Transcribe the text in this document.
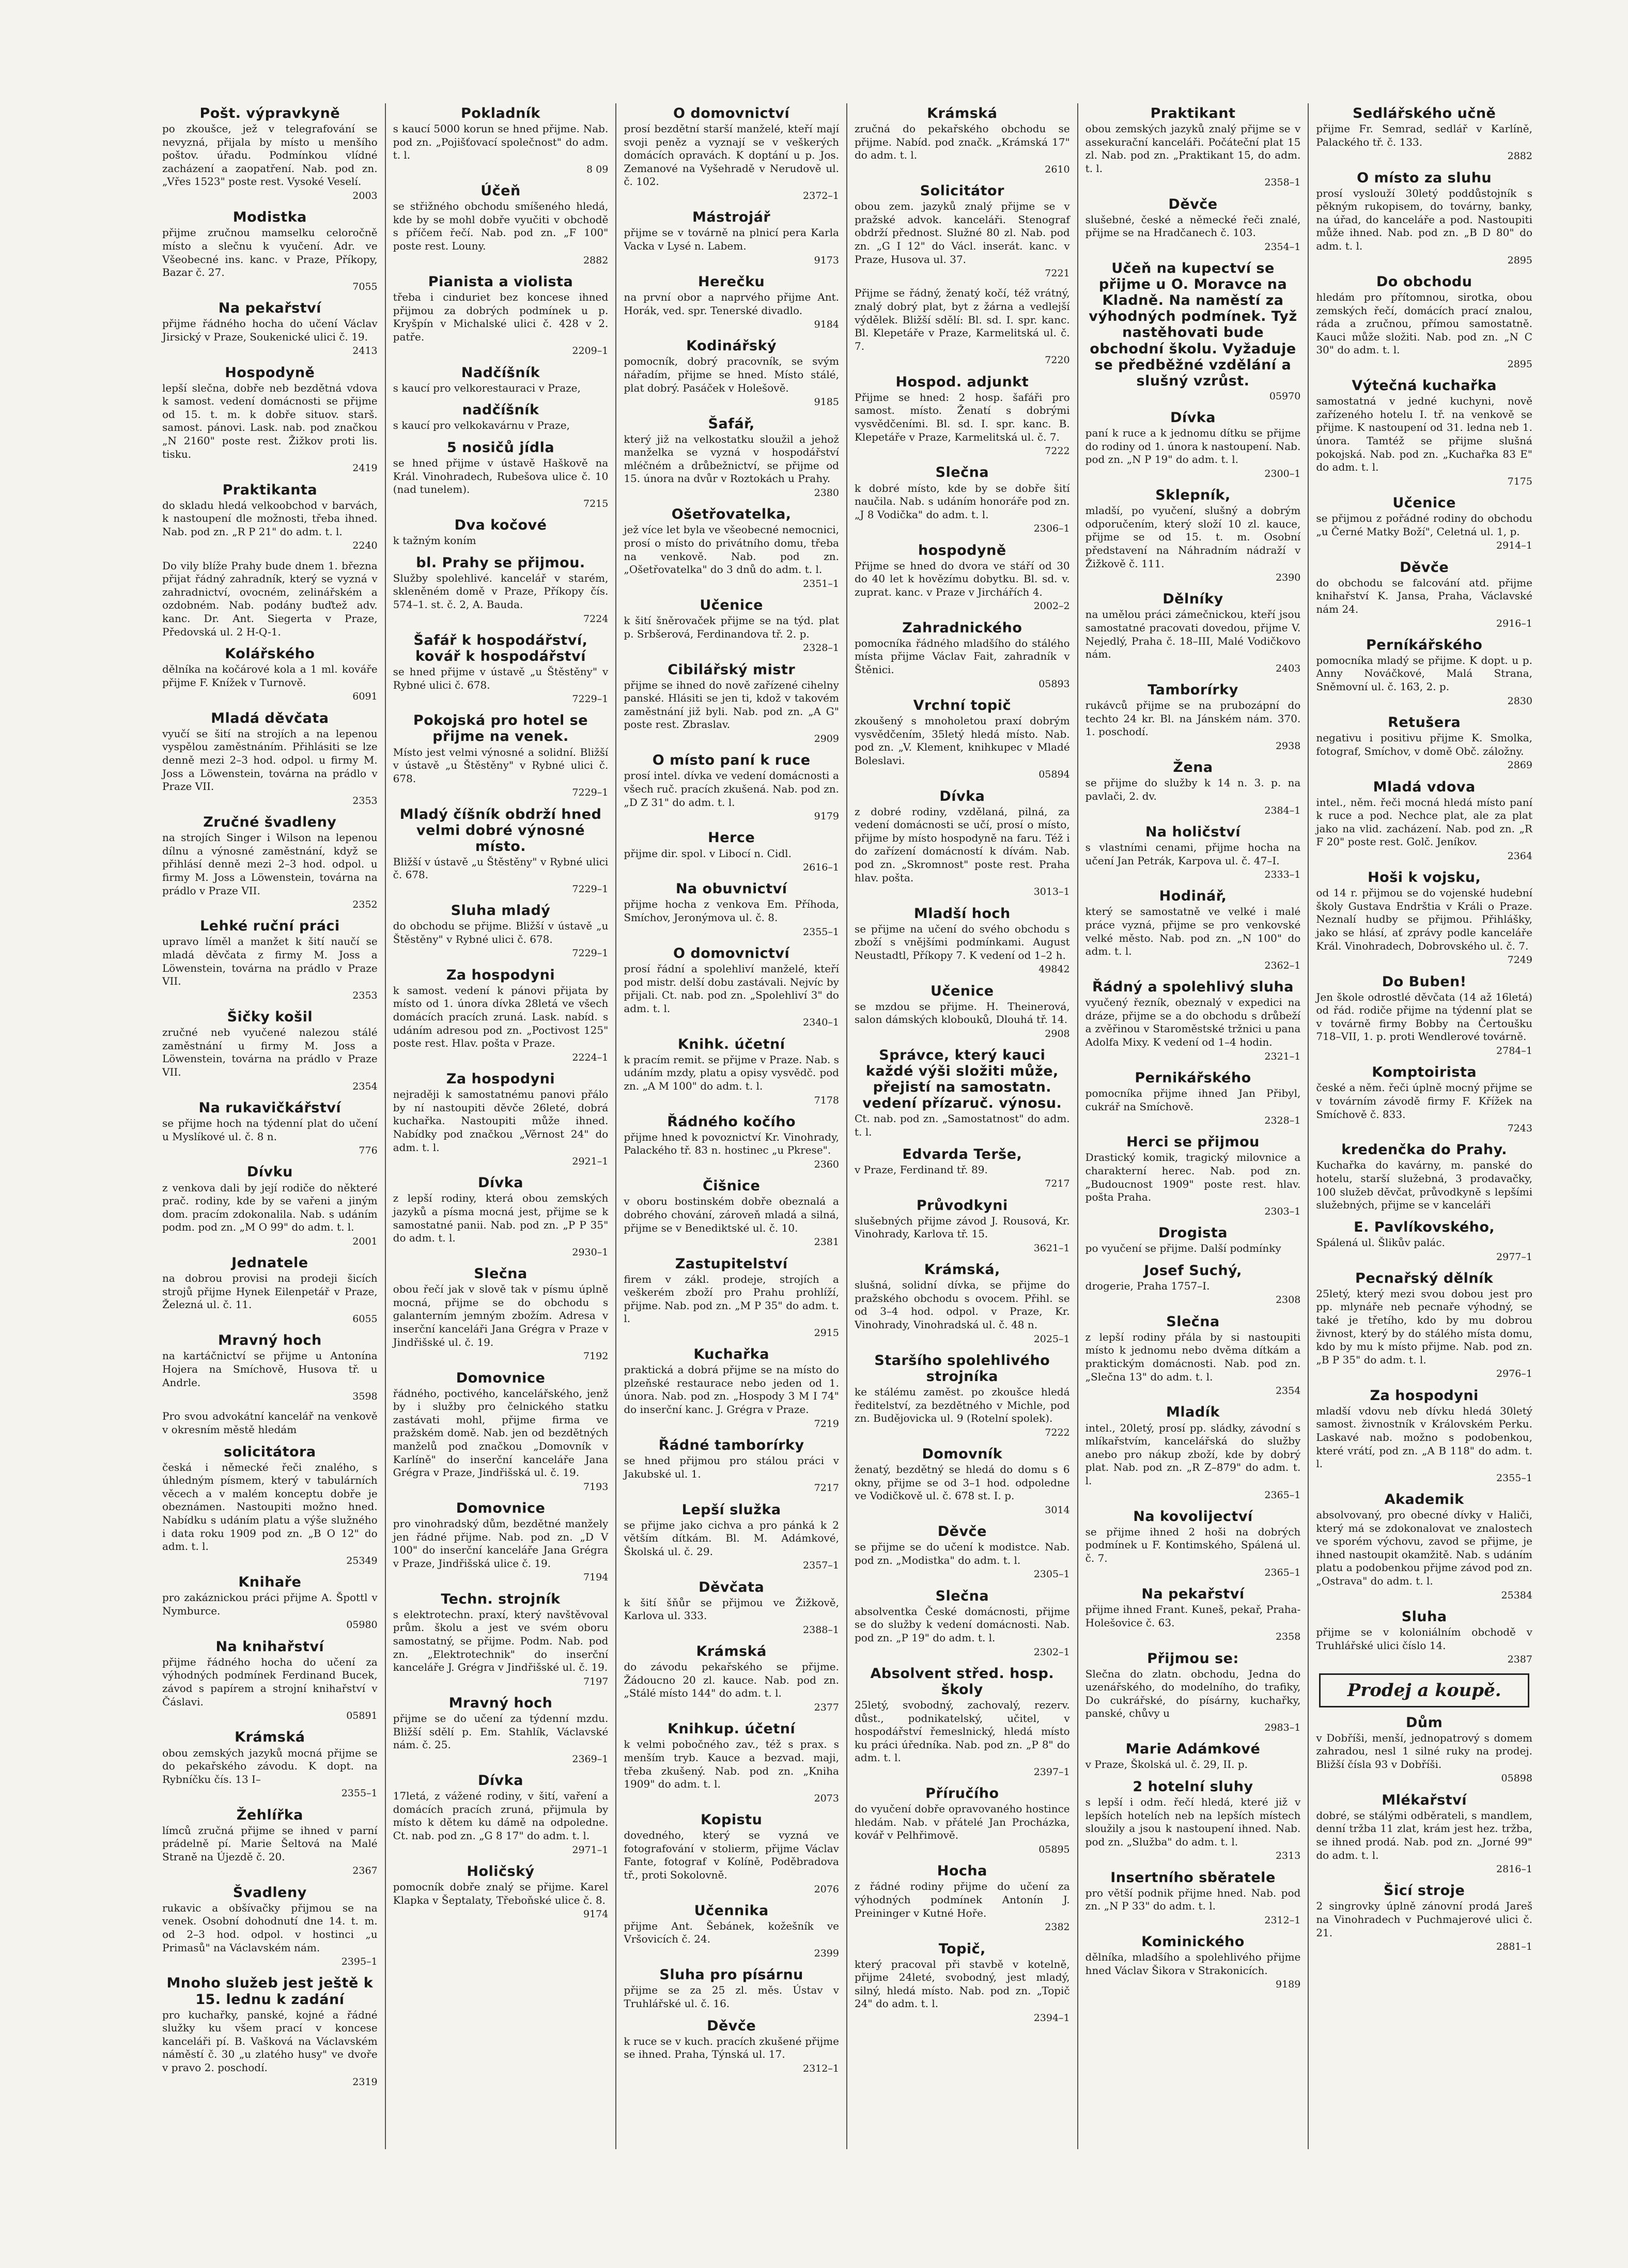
Pošt. výpravkyně

po zkoušce, jež v telegrafování se nevyzná, přijala by místo u menšího poštov. úřadu. Podmínkou vlídné zacházení a zaopatření. Nab. pod zn. „Vřes 1523" poste rest. Vysoké Veselí.

2003

Modistka

přijme zručnou mamselku celoročně místo a slečnu k vyučení. Adr. ve Všeobecné ins. kanc. v Praze, Příkopy, Bazar č. 27.

7055

Na pekařství

přijme řádného hocha do učení Václav Jirsický v Praze, Soukenické ulici č. 19.

2413

Hospodyně

lepší slečna, dobře neb bezdětná vdova k samost. vedení domácnosti se přijme od 15. t. m. k dobře situov. starš. samost. pánovi. Lask. nab. pod značkou „N 2160" poste rest. Žižkov proti lis. tisku.

2419

Praktikanta

do skladu hledá velkoobchod v barvách, k nastoupení dle možnosti, třeba ihned. Nab. pod zn. „R P 21" do adm. t. l.

2240

Do vily blíže Prahy bude dnem 1. března přijat řádný zahradník, který se vyzná v zahradnictví, ovocném, zelinářském a ozdobném. Nab. podány buďtež adv. kanc. Dr. Ant. Siegerta v Praze, Předovská ul. 2 H-Q-1.

Kolářského

dělníka na kočárové kola a 1 ml. kováře přijme F. Knížek v Turnově.

6091

Mladá děvčata

vyučí se šití na strojích a na lepenou vyspělou zaměstnáním. Přihlásiti se lze denně mezi 2–3 hod. odpol. u firmy M. Joss a Löwenstein, továrna na prádlo v Praze VII.

2353

Zručné švadleny

na strojích Singer i Wilson na lepenou dílnu a výnosné zaměstnání, když se přihlásí denně mezi 2–3 hod. odpol. u firmy M. Joss a Löwenstein, továrna na prádlo v Praze VII.

2352

Lehké ruční práci

upravo líměl a manžet k šití naučí se mladá děvčata z firmy M. Joss a Löwenstein, továrna na prádlo v Praze VII.

2353

Šičky košil

zručné neb vyučené nalezou stálé zaměstnání u firmy M. Joss a Löwenstein, továrna na prádlo v Praze VII.

2354

Na rukavičkářství

se přijme hoch na týdenní plat do učení u Myslíkové ul. č. 8 n.

776

Dívku

z venkova dali by její rodiče do některé prač. rodiny, kde by se vařeni a jiným dom. pracím zdokonalila. Nab. s udáním podm. pod zn. „M O 99" do adm. t. l.

2001

Jednatele

na dobrou provisi na prodeji šicích strojů přijme Hynek Eilenpetář v Praze, Železná ul. č. 11.

6055

Mravný hoch

na kartáčnictví se přijme u Antonína Hojera na Smíchově, Husova tř. u Andrle.

3598

Pro svou advokátní kancelář na venkově v okresním městě hledám

solicitátora

česká i německé řeči znalého, s úhledným písmem, který v tabulárních věcech a v malém konceptu dobře je obeznámen. Nastoupiti možno hned. Nabídku s udáním platu a výše služného i data roku 1909 pod zn. „B O 12" do adm. t. l.

25349

Knihaře

pro zakáznickou práci přijme A. Špottl v Nymburce.

05980

Na knihařství

přijme řádného hocha do učení za výhodných podmínek Ferdinand Bucek, závod s papírem a strojní knihařství v Čáslavi.

05891

Krámská

obou zemských jazyků mocná přijme se do pekařského závodu. K dopt. na Rybníčku čís. 13 I–

2355–1

Žehlířka

límců zručná přijme se ihned v parní prádelně pí. Marie Šeltová na Malé Straně na Újezdě č. 20.

2367

Švadleny

rukavic a obšívačky přijmou se na venek. Osobní dohodnutí dne 14. t. m. od 2–3 hod. odpol. v hostinci „u Primasů" na Václavském nám.

2395–1

Mnoho služeb jest ještě k 15. lednu k zadání

pro kuchařky, panské, kojné a řádné služky ku všem prací v koncese kanceláři pí. B. Vašková na Václavském náměstí č. 30 „u zlatého husy" ve dvoře v pravo 2. poschodí.

2319

Pokladník

s kaucí 5000 korun se hned přijme. Nab. pod zn. „Pojišťovací společnost" do adm. t. l.

8 09

Účeň

se střižného obchodu smíšeného hledá, kde by se mohl dobře vyučiti v obchodě s příčem řečí. Nab. pod zn. „F 100" poste rest. Louny.

2882

Pianista a violista

třeba i cinduriet bez koncese ihned přijmou za dobrých podmínek u p. Kryšpín v Michalské ulici č. 428 v 2. patře.

2209–1

Nadčíšník

s kaucí pro velkorestauraci v Praze,

nadčíšník

s kaucí pro velkokavárnu v Praze,

5 nosičů jídla

se hned přijme v ústavě Haškově na Král. Vinohradech, Rubešova ulice č. 10 (nad tunelem).

7215

Dva kočové

k tažným koním

bl. Prahy se přijmou.

Služby spolehlivé. kancelář v starém, skleněném domě v Praze, Příkopy čís. 574–1. st. č. 2, A. Bauda.

7224

Šafář k hospodářství, kovář k hospodářství

se hned přijme v ústavě „u Štěstěny" v Rybné ulici č. 678.

7229–1

Pokojská pro hotel se přijme na venek.

Místo jest velmi výnosné a solidní. Bližší v ústavě „u Štěstěny" v Rybné ulici č. 678.

7229–1

Mladý číšník obdrží hned velmi dobré výnosné místo.

Bližší v ústavě „u Štěstěny" v Rybné ulici č. 678.

7229–1

Sluha mladý

do obchodu se přijme. Bližší v ústavě „u Štěstěny" v Rybné ulici č. 678.

7229–1

Za hospodyni

k samost. vedení k pánovi přijata by místo od 1. února dívka 28letá ve všech domácích pracích zruná. Lask. nabíd. s udáním adresou pod zn. „Poctivost 125" poste rest. Hlav. pošta v Praze.

2224–1

Za hospodyni

nejraději k samostatnému panovi přálo by ní nastoupiti děvče 26leté, dobrá kuchařka. Nastoupiti může ihned. Nabídky pod značkou „Věrnost 24" do adm. t. l.

2921–1

Dívka

z lepší rodiny, která obou zemských jazyků a písma mocná jest, přijme se k samostatné panii. Nab. pod zn. „P P 35" do adm. t. l.

2930–1

Slečna

obou řečí jak v slově tak v písmu úplně mocná, přijme se do obchodu s galanterním jemným zbožím. Adresa v inserční kanceláři Jana Grégra v Praze v Jindřišské ul. č. 19.

7192

Domovnice

řádného, poctivého, kancelářského, jenž by i služby pro čelnického statku zastávati mohl, přijme firma ve pražském domě. Nab. jen od bezdětných manželů pod značkou „Domovník v Karlíně" do inserční kanceláře Jana Grégra v Praze, Jindřišská ul. č. 19.

7193

Domovnice

pro vinohradský dům, bezdětné manžely jen řádné přijme. Nab. pod zn. „D V 100" do inserční kanceláře Jana Grégra v Praze, Jindřišská ulice č. 19.

7194

Techn. strojník

s elektrotechn. praxí, který navštěvoval prům. školu a jest ve svém oboru samostatný, se přijme. Podm. Nab. pod zn. „Elektrotechnik" do inserční kanceláře J. Grégra v Jindřišské ul. č. 19.

7197

Mravný hoch

přijme se do učení za týdenní mzdu. Bližší sdělí p. Em. Stahlík, Václavské nám. č. 25.

2369–1

Dívka

17letá, z vážené rodiny, v šití, vaření a domácích pracích zruná, přijmula by místo k dětem ku dámě na odpoledne. Ct. nab. pod zn. „G 8 17" do adm. t. l.

2971–1

Holičský

pomocník dobře znalý se přijme. Karel Klapka v Šeptalaty, Třeboňské ulice č. 8.

9174

O domovnictví

prosí bezdětní starší manželé, kteří mají svoji peněz a vyznají se v veškerých domácích opravách. K doptání u p. Jos. Zemanové na Vyšehradě v Nerudově ul. č. 102.

2372–1

Mástrojář

přijme se v továrně na plnicí pera Karla Vacka v Lysé n. Labem.

9173

Herečku

na první obor a naprvého přijme Ant. Horák, ved. spr. Tenerské divadlo.

9184

Kodinářský

pomocník, dobrý pracovník, se svým nářadím, přijme se hned. Místo stálé, plat dobrý. Pasáček v Holešově.

9185

Šafář,

který již na velkostatku sloužil a jehož manželka se vyzná v hospodářství mléčném a drůbežnictví, se přijme od 15. února na dvůr v Roztokách u Prahy.

2380

Ošetřovatelka,

jež více let byla ve všeobecné nemocnici, prosí o místo do privátního domu, třeba na venkově. Nab. pod zn. „Ošetřovatelka" do 3 dnů do adm. t. l.

2351–1

Učenice

k šití šněrovaček přijme se na týd. plat p. Srbšerová, Ferdinandova tř. 2. p.

2328–1

Cibilářský mistr

přijme se ihned do nově zařízené cihelny panské. Hlásiti se jen ti, kdož v takovém zaměstnání již byli. Nab. pod zn. „A G" poste rest. Zbraslav.

2909

O místo paní k ruce

prosí intel. dívka ve vedení domácnosti a všech ruč. pracích zkušená. Nab. pod zn. „D Z 31" do adm. t. l.

9179

Herce

přijme dir. spol. v Libocí n. Cidl.

2616–1

Na obuvnictví

přijme hocha z venkova Em. Příhoda, Smíchov, Jeronýmova ul. č. 8.

2355–1

O domovnictví

prosí řádní a spolehliví manželé, kteří pod mistr. delší dobu zastávali. Nejvíc by přijali. Ct. nab. pod zn. „Spolehliví 3" do adm. t. l.

2340–1

Knihk. účetní

k pracím remit. se přijme v Praze. Nab. s udáním mzdy, platu a opisy vysvědč. pod zn. „A M 100" do adm. t. l.

7178

Řádného kočího

přijme hned k povoznictví Kr. Vinohrady, Palackého tř. 83 n. hostinec „u Pkrese".

2360

Čišnice

v oboru bostinském dobře obeznalá a dobrého chování, zároveň mladá a silná, přijme se v Benediktské ul. č. 10.

2381

Zastupitelství

firem v zákl. prodeje, strojích a veškerém zboží pro Prahu prohlíží, přijme. Nab. pod zn. „M P 35" do adm. t. l.

2915

Kuchařka

praktická a dobrá přijme se na místo do plzeňské restaurace nebo jeden od 1. února. Nab. pod zn. „Hospody 3 M I 74" do inserční kanc. J. Grégra v Praze.

7219

Řádné tamborírky

se hned přijmou pro stálou práci v Jakubské ul. 1.

7217

Lepší služka

se přijme jako cichva a pro pánká k 2 větším dítkám. Bl. M. Adámkové, Školská ul. č. 29.

2357–1

Děvčata

k šití šňůr se přijmou ve Žižkově, Karlova ul. 333.

2388–1

Krámská

do závodu pekařského se přijme. Žádoucno 20 zl. kauce. Nab. pod zn. „Stálé místo 144" do adm. t. l.

2377

Knihkup. účetní

k velmi pobočného zav., též s prax. s menším tryb. Kauce a bezvad. maji, třeba zkušený. Nab. pod zn. „Kniha 1909" do adm. t. l.

2073

Kopistu

dovedného, který se vyzná ve fotografování v stolierm, přijme Václav Fante, fotograf v Kolíně, Poděbradova tř., proti Sokolovně.

2076

Učennika

přijme Ant. Šebánek, kožešník ve Vršovicích č. 24.

2399

Sluha pro písárnu

přijme se za 25 zl. měs. Ústav v Truhlářské ul. č. 16.

Děvče

k ruce se v kuch. pracích zkušené přijme se ihned. Praha, Týnská ul. 17.

2312–1

Krámská

zručná do pekařského obchodu se přijme. Nabíd. pod značk. „Krámská 17" do adm. t. l.

2610

Solicitátor

obou zem. jazyků znalý přijme se v pražské advok. kanceláři. Stenograf obdrží přednost. Služné 80 zl. Nab. pod zn. „G I 12" do Václ. inserát. kanc. v Praze, Husova ul. 37.

7221

Přijme se řádný, ženatý kočí, též vrátný, znalý dobrý plat, byt z žárna a vedlejší výdělek. Bližší sdělí: Bl. sd. I. spr. kanc. Bl. Klepetáře v Praze, Karmelitská ul. č. 7.

7220

Hospod. adjunkt

Přijme se hned: 2 hosp. šafáři pro samost. místo. Ženatí s dobrými vysvědčeními. Bl. sd. I. spr. kanc. B. Klepetáře v Praze, Karmelitská ul. č. 7.

7222

Slečna

k dobré místo, kde by se dobře šití naučila. Nab. s udáním honoráře pod zn. „J 8 Vodička" do adm. t. l.

2306–1

hospodyně

Přijme se hned do dvora ve stáří od 30 do 40 let k hovězímu dobytku. Bl. sd. v. zuprat. kanc. v Praze v Jirchářích 4.

2002–2

Zahradnického

pomocníka řádného mladšího do stálého místa přijme Václav Fait, zahradník v Štěnici.

05893

Vrchní topič

zkoušený s mnoholetou praxí dobrým vysvědčením, 35letý hledá místo. Nab. pod zn. „V. Klement, knihkupec v Mladé Boleslavi.

05894

Dívka

z dobré rodiny, vzdělaná, pilná, za vedení domácnosti se učí, prosí o místo, přijme by místo hospodyně na faru. Též i do zařízení domácností k dívám. Nab. pod zn. „Skromnost" poste rest. Praha hlav. pošta.

3013–1

Mladší hoch

se přijme na učení do svého obchodu s zboží s vnějšími podmínkami. August Neustadtl, Příkopy 7. K vedení od 1–2 h.

49842

Učenice

se mzdou se přijme. H. Theinerová, salon dámských klobouků, Dlouhá tř. 14.

2908

Správce, který kauci každé výši složiti může, přejistí na samostatn. vedení přízaruč. výnosu.

Ct. nab. pod zn. „Samostatnost" do adm. t. l.

Edvarda Terše,

v Praze, Ferdinand tř. 89.

7217

Průvodkyni

slušebných přijme závod J. Rousová, Kr. Vinohrady, Karlova tř. 15.

3621–1

Krámská,

slušná, solidní dívka, se přijme do pražského obchodu s ovocem. Přihl. se od 3–4 hod. odpol. v Praze, Kr. Vinohrady, Vinohradská ul. č. 48 n.

2025–1

Staršího spolehlivého strojníka

ke stálému zaměst. po zkoušce hledá ředitelství, za bezdětného v Michle, pod zn. Budějovicka ul. 9 (Rotelní spolek).

7222

Domovník

ženatý, bezdětný se hledá do domu s 6 okny, přijme se od 3–1 hod. odpoledne ve Vodičkově ul. č. 678 st. I. p.

3014

Děvče

se přijme se do učení k modistce. Nab. pod zn. „Modistka" do adm. t. l.

2305–1

Slečna

absolventka České domácnosti, přijme se do služby k vedení domácnosti. Nab. pod zn. „P 19" do adm. t. l.

2302–1

Absolvent střed. hosp. školy

25letý, svobodný, zachovalý, rezerv. důst., podnikatelský, učitel, v hospodářství řemeslnický, hledá místo ku práci úředníka. Nab. pod zn. „P 8" do adm. t. l.

2397–1

Příručího

do vyučení dobře opravovaného hostince hledám. Nab. v přátelé Jan Procházka, kovář v Pelhřimově.

05895

Hocha

z řádné rodiny přijme do učení za výhodných podmínek Antonín J. Preininger v Kutné Hoře.

2382

Topič,

který pracoval při stavbě v kotelně, přijme 24leté, svobodný, jest mladý, silný, hledá místo. Nab. pod zn. „Topič 24" do adm. t. l.

2394–1

Praktikant

obou zemských jazyků znalý přijme se v assekurační kanceláři. Počáteční plat 15 zl. Nab. pod zn. „Praktikant 15, do adm. t. l.

2358–1

Děvče

slušebné, české a německé řeči znalé, přijme se na Hradčanech č. 103.

2354–1

Učeň na kupectví se přijme u O. Moravce na Kladně. Na naměstí za výhodných podmínek. Tyž nastěhovati bude obchodní školu. Vyžaduje se předběžné vzdělání a slušný vzrůst.

05970

Dívka

paní k ruce a k jednomu dítku se přijme do rodiny od 1. února k nastoupení. Nab. pod zn. „N P 19" do adm. t. l.

2300–1

Sklepník,

mladší, po vyučení, slušný a dobrým odporučením, který složí 10 zl. kauce, přijme se od 15. t. m. Osobní představení na Náhradním nádraží v Žižkově č. 111.

2390

Dělníky

na umělou práci zámečnickou, kteří jsou samostatné pracovati dovedou, přijme V. Nejedlý, Praha č. 18–III, Malé Vodičkovo nám.

2403

Tamborírky

rukávců přijme se na prubozápní do techto 24 kr. Bl. na Jánském nám. 370. 1. poschodí.

2938

Žena

se přijme do služby k 14 n. 3. p. na pavlači, 2. dv.

2384–1

Na holičství

s vlastními cenami, přijme hocha na učení Jan Petrák, Karpova ul. č. 47–I.

2333–1

Hodinář,

který se samostatně ve velké i malé práce vyzná, přijme se pro venkovské velké město. Nab. pod zn. „N 100" do adm. t. l.

2362–1

Řádný a spolehlivý sluha

vyučený řezník, obeznalý v expedici na dráze, přijme se a do obchodu s drůbeží a zvěřinou v Staroměstské tržnici u pana Adolfa Mixy. K vedení od 1–4 hodin.

2321–1

Pernikářského

pomocníka přijme ihned Jan Přibyl, cukrář na Smíchově.

2328–1

Herci se přijmou

Drastický komik, tragický milovnice a charakterní herec. Nab. pod zn. „Budoucnost 1909" poste rest. hlav. pošta Praha.

2303–1

Drogista

po vyučení se přijme. Další podmínky

Josef Suchý,

drogerie, Praha 1757–I.

2308

Slečna

z lepší rodiny přála by si nastoupiti místo k jednomu nebo dvěma dítkám a praktickým domácnosti. Nab. pod zn. „Slečna 13" do adm. t. l.

2354

Mladík

intel., 20letý, prosí pp. sládky, závodní s mlíkařstvím, kancelářská do služby anebo pro nákup zboží, kde by dobrý plat. Nab. pod zn. „R Z–879" do adm. t. l.

2365–1

Na kovolijectví

se přijme ihned 2 hoši na dobrých podmínek u F. Kontimského, Spálená ul. č. 7.

2365–1

Na pekařství

přijme ihned Frant. Kuneš, pekař, Praha-Holešovice č. 63.

2358

Přijmou se:

Slečna do zlatn. obchodu, Jedna do uzenářského, do modelního, do trafiky, Do cukrářské, do písárny, kuchařky, panské, chůvy u

2983–1

Marie Adámkové

v Praze, Školská ul. č. 29, II. p.

2 hotelní sluhy

s lepší i odm. řečí hledá, které již v lepších hotelích neb na lepších místech sloužily a jsou k nastoupení ihned. Nab. pod zn. „Služba" do adm. t. l.

2313

Insertního sběratele

pro větší podnik přijme hned. Nab. pod zn. „N P 33" do adm. t. l.

2312–1

Kominického

dělníka, mladšího a spolehlivého přijme hned Václav Šikora v Strakonicích.

9189

Sedlářského učně

přijme Fr. Semrad, sedlář v Karlíně, Palackého tř. č. 133.

2882

O místo za sluhu

prosí vyslouží 30letý poddůstojník s pěkným rukopisem, do továrny, banky, na úřad, do kanceláře a pod. Nastoupiti může ihned. Nab. pod zn. „B D 80" do adm. t. l.

2895

Do obchodu

hledám pro přítomnou, sirotka, obou zemských řečí, domácích prací znalou, ráda a zručnou, přímou samostatně. Kauci může složiti. Nab. pod zn. „N C 30" do adm. t. l.

2895

Výtečná kuchařka

samostatná v jedné kuchyni, nově zařízeného hotelu I. tř. na venkově se přijme. K nastoupení od 31. ledna neb 1. února. Tamtéž se přijme slušná pokojská. Nab. pod zn. „Kuchařka 83 E" do adm. t. l.

7175

Učenice

se přijmou z pořádné rodiny do obchodu „u Černé Matky Boží", Celetná ul. 1, p.

2914–1

Děvče

do obchodu se falcování atd. přijme knihařství K. Jansa, Praha, Václavské nám 24.

2916–1

Perníkářského

pomocníka mladý se přijme. K dopt. u p. Anny Nováčkové, Malá Strana, Sněmovní ul. č. 163, 2. p.

2830

Retušera

negativu i positivu přijme K. Smolka, fotograf, Smíchov, v domě Obč. záložny.

2869

Mladá vdova

intel., něm. řeči mocná hledá místo paní k ruce a pod. Nechce plat, ale za plat jako na vlid. zacházení. Nab. pod zn. „R F 20" poste rest. Golč. Jeníkov.

2364

Hoši k vojsku,

od 14 r. přijmou se do vojenské hudební školy Gustava Endrštia v Králi o Praze. Neznalí hudby se přijmou. Přihlášky, jako se hlásí, ať zprávy podle kanceláře Král. Vinohradech, Dobrovského ul. č. 7.

7249

Do Buben!

Jen škole odrostlé děvčata (14 až 16letá) od řád. rodiče přijme na týdenní plat se v továrně firmy Bobby na Čertoušku 718–VII, 1. p. proti Wendlerové továrně.

2784–1

Komptoiristа

české a něm. řeči úplně mocný přijme se v továrním závodě firmy F. Křížek na Smíchově č. 833.

7243

kredenčka do Prahy.

Kuchařka do kavárny, m. panské do hotelu, starší služebná, 3 prodavačky, 100 služeb děvčat, průvodkyně s lepšími služebných, přijme se v kanceláři

E. Pavlíkovského,

Spálená ul. Šlikův palác.

2977–1

Pecnařský dělník

25letý, který mezi svou dobou jest pro pp. mlynáře neb pecnaře výhodný, se také je třetího, kdo by mu dobrou živnost, který by do stálého místa domu, kdo by mu k místo přijme. Nab. pod zn. „B P 35" do adm. t. l.

2976–1

Za hospodyni

mladší vdovu neb dívku hledá 30letý samost. živnostník v Královském Perku. Laskavé nab. možno s podobenkou, které vrátí, pod zn. „A B 118" do adm. t. l.

2355–1

Akademik

absolvovaný, pro obecné dívky v Haliči, který má se zdokonalovat ve znalostech ve sporém výchovu, zavod se přijme, je ihned nastoupit okamžitě. Nab. s udáním platu a podobenkou přijme závod pod zn. „Ostrava" do adm. t. l.

25384

Sluha

přijme se v koloniálním obchodě v Truhlářské ulici číslo 14.

2387

Prodej a koupě.
Dům

v Dobříši, menší, jednopatrový s domem zahradou, nesl 1 silné ruky na prodej. Bližší čísla 93 v Dobříši.

05898

Mlékařství

dobré, se stálými odběrateli, s mandlem, denní tržba 11 zlat, krám jest hez. tržba, se ihned prodá. Nab. pod zn. „Jorné 99" do adm. t. l.

2816–1

Šicí stroje

2 singrovky úplně zánovní prodá Jareš na Vinohradech v Puchmajerové ulici č. 21.

2881–1
